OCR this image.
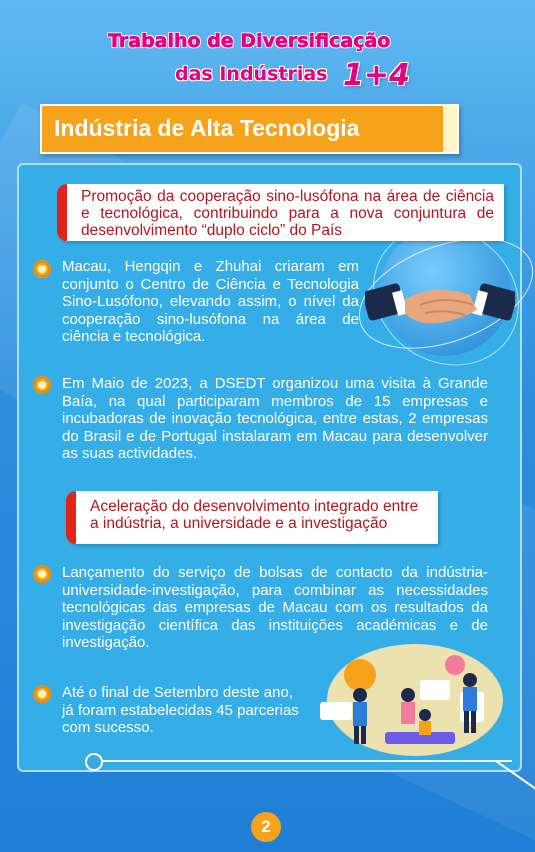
Trabalho de Diversificação
das Indústrias 1+4
Indústria de Alta Tecnologia
Promoção da cooperação sino-lusófona na área de ciência e tecnológica, contribuindo para a nova conjuntura de desenvolvimento “duplo ciclo” do País
Macau, Hengqin e Zhuhai criaram em conjunto o Centro de Ciência e Tecnologia Sino-Lusófono, elevando assim, o nível da cooperação sino-lusófona na área de ciência e tecnológica.
Em Maio de 2023, a DSEDT organizou uma visita à Grande Baía, na qual participaram membros de 15 empresas e incubadoras de inovação tecnológica, entre estas, 2 empresas do Brasil e de Portugal instalaram em Macau para desenvolver as suas actividades.
Aceleração do desenvolvimento integrado entre a indústria, a universidade e a investigação
Lançamento do serviço de bolsas de contacto da indústria-universidade-investigação, para combinar as necessidades tecnológicas das empresas de Macau com os resultados da investigação científica das instituições académicas e de investigação.
Até o final de Setembro deste ano, já foram estabelecidas 45 parcerias com sucesso.
2
